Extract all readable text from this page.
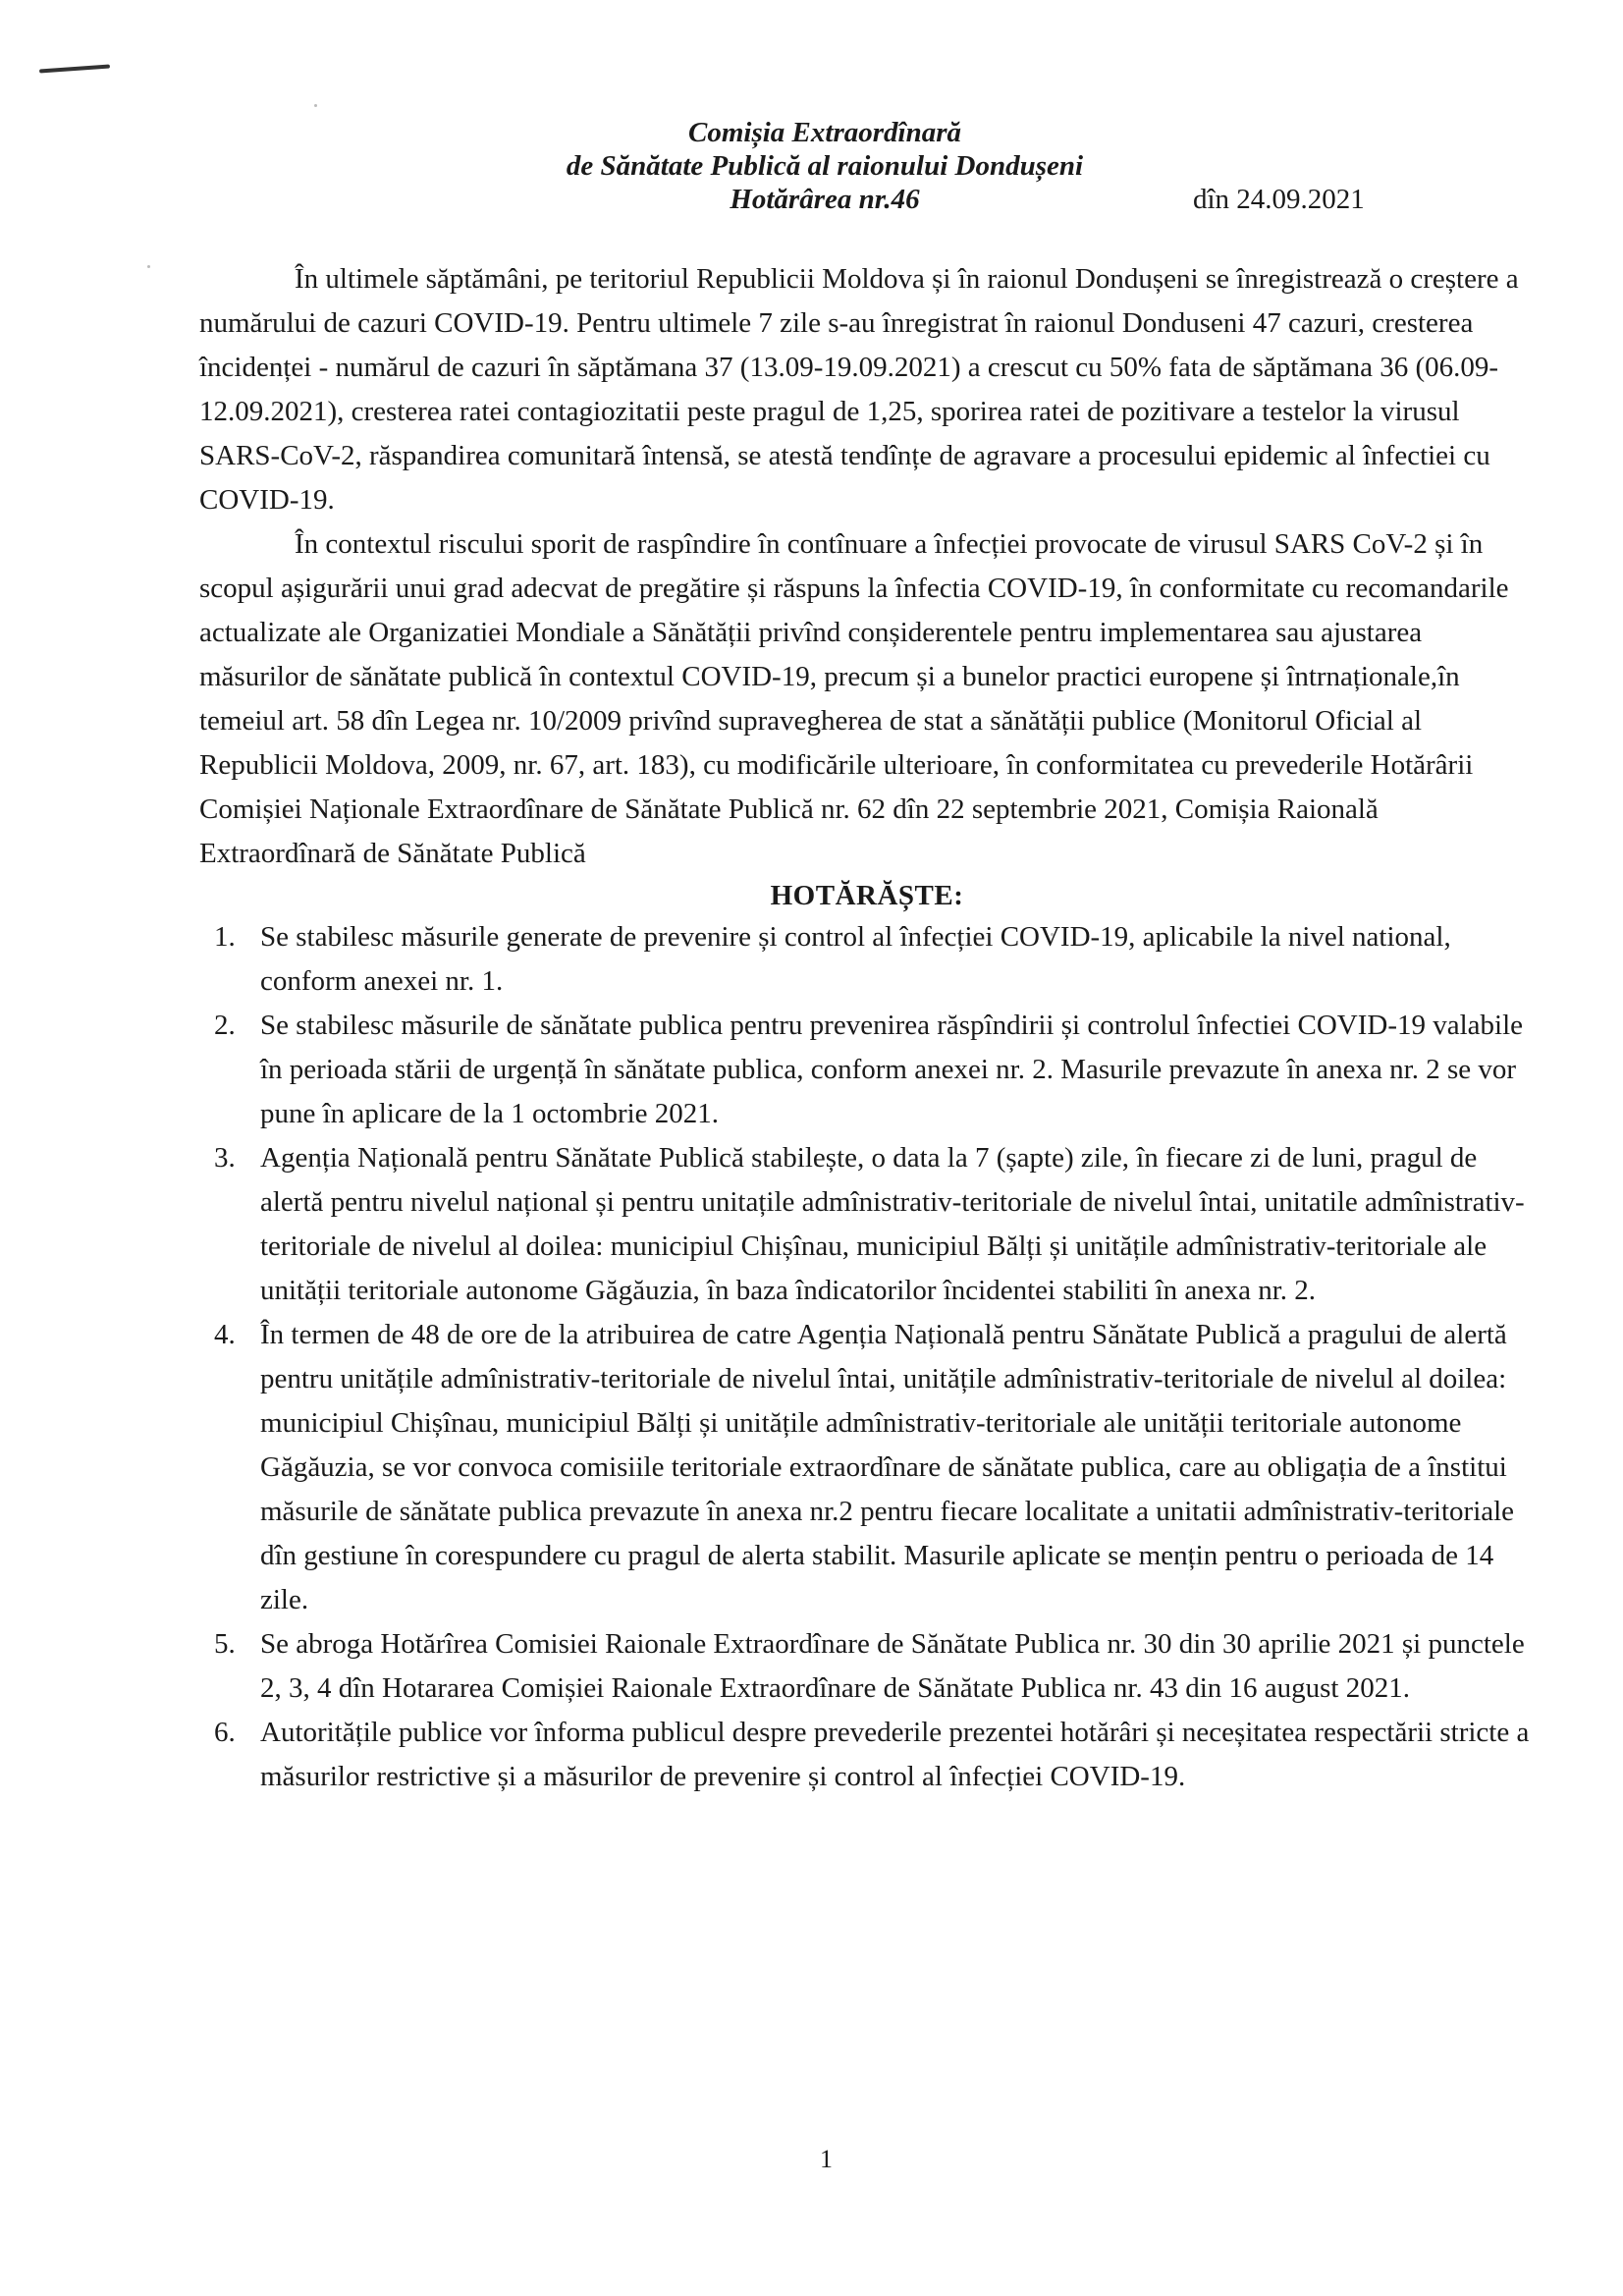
Comișia Extraordînară
de Sănătate Publică al raionului Dondușeni
Hotărârea nr.46	dîn 24.09.2021

În ultimele săptămâni, pe teritoriul Republicii Moldova și în raionul Dondușeni se înregistrează o creștere a numărului de cazuri COVID-19. Pentru ultimele 7 zile s-au înregistrat în raionul Donduseni 47 cazuri, cresterea încidenței - numărul de cazuri în săptămana 37 (13.09-19.09.2021) a crescut cu 50% fata de săptămana 36 (06.09- 12.09.2021), cresterea ratei contagiozitatii peste pragul de 1,25, sporirea ratei de pozitivare a testelor la virusul SARS-CoV-2, răspandirea comunitară întensă, se atestă tendînțe de agravare a procesului epidemic al înfectiei cu COVID-19.

În contextul riscului sporit de raspîndire în contînuare a înfecției provocate de virusul SARS CoV-2 și în scopul așigurării unui grad adecvat de pregătire și răspuns la înfectia COVID-19, în conformitate cu recomandarile actualizate ale Organizatiei Mondiale a Sănătății privînd conșiderentele pentru implementarea sau ajustarea măsurilor de sănătate publică în contextul COVID-19, precum și a bunelor practici europene și întrnaționale,în temeiul art. 58 dîn Legea nr. 10/2009 privînd supravegherea de stat a sănătății publice (Monitorul Oficial al Republicii Moldova, 2009, nr. 67, art. 183), cu modificările ulterioare, în conformitatea cu prevederile Hotărârii Comișiei Naționale Extraordînare de Sănătate Publică nr. 62 dîn 22 septembrie 2021, Comișia Raională Extraordînară de Sănătate Publică

HOTĂRĂȘTE:

1. Se stabilesc măsurile generate de prevenire și control al înfecției COVID-19, aplicabile la nivel national, conform anexei nr. 1.
2. Se stabilesc măsurile de sănătate publica pentru prevenirea răspîndirii și controlul înfectiei COVID-19 valabile în perioada stării de urgență în sănătate publica, conform anexei nr. 2. Masurile prevazute în anexa nr. 2 se vor pune în aplicare de la 1 octombrie 2021.
3. Agenția Națională pentru Sănătate Publică stabilește, o data la 7 (șapte) zile, în fiecare zi de luni, pragul de alertă pentru nivelul național și pentru unitațile admînistrativ-teritoriale de nivelul întai, unitatile admînistrativ-teritoriale de nivelul al doilea: municipiul Chișînau, municipiul Bălți și unitățile admînistrativ-teritoriale ale unității teritoriale autonome Găgăuzia, în baza îndicatorilor încidentei stabiliti în anexa nr. 2.
4. În termen de 48 de ore de la atribuirea de catre Agenția Națională pentru Sănătate Publică a pragului de alertă pentru unitățile admînistrativ-teritoriale de nivelul întai, unitățile admînistrativ-teritoriale de nivelul al doilea: municipiul Chișînau, municipiul Bălți și unitățile admînistrativ-teritoriale ale unității teritoriale autonome Găgăuzia, se vor convoca comisiile teritoriale extraordînare de sănătate publica, care au obligația de a înstitui măsurile de sănătate publica prevazute în anexa nr.2 pentru fiecare localitate a unitatii admînistrativ-teritoriale dîn gestiune în corespundere cu pragul de alerta stabilit. Masurile aplicate se mențin pentru o perioada de 14 zile.
5. Se abroga Hotărîrea Comisiei Raionale Extraordînare de Sănătate Publica nr. 30 din 30 aprilie 2021 și punctele 2, 3, 4 dîn Hotararea Comișiei Raionale Extraordînare de Sănătate Publica nr. 43 din 16 august 2021.
6. Autoritățile publice vor înforma publicul despre prevederile prezentei hotărâri și neceșitatea respectării stricte a măsurilor restrictive și a măsurilor de prevenire și control al înfecției COVID-19.
1
